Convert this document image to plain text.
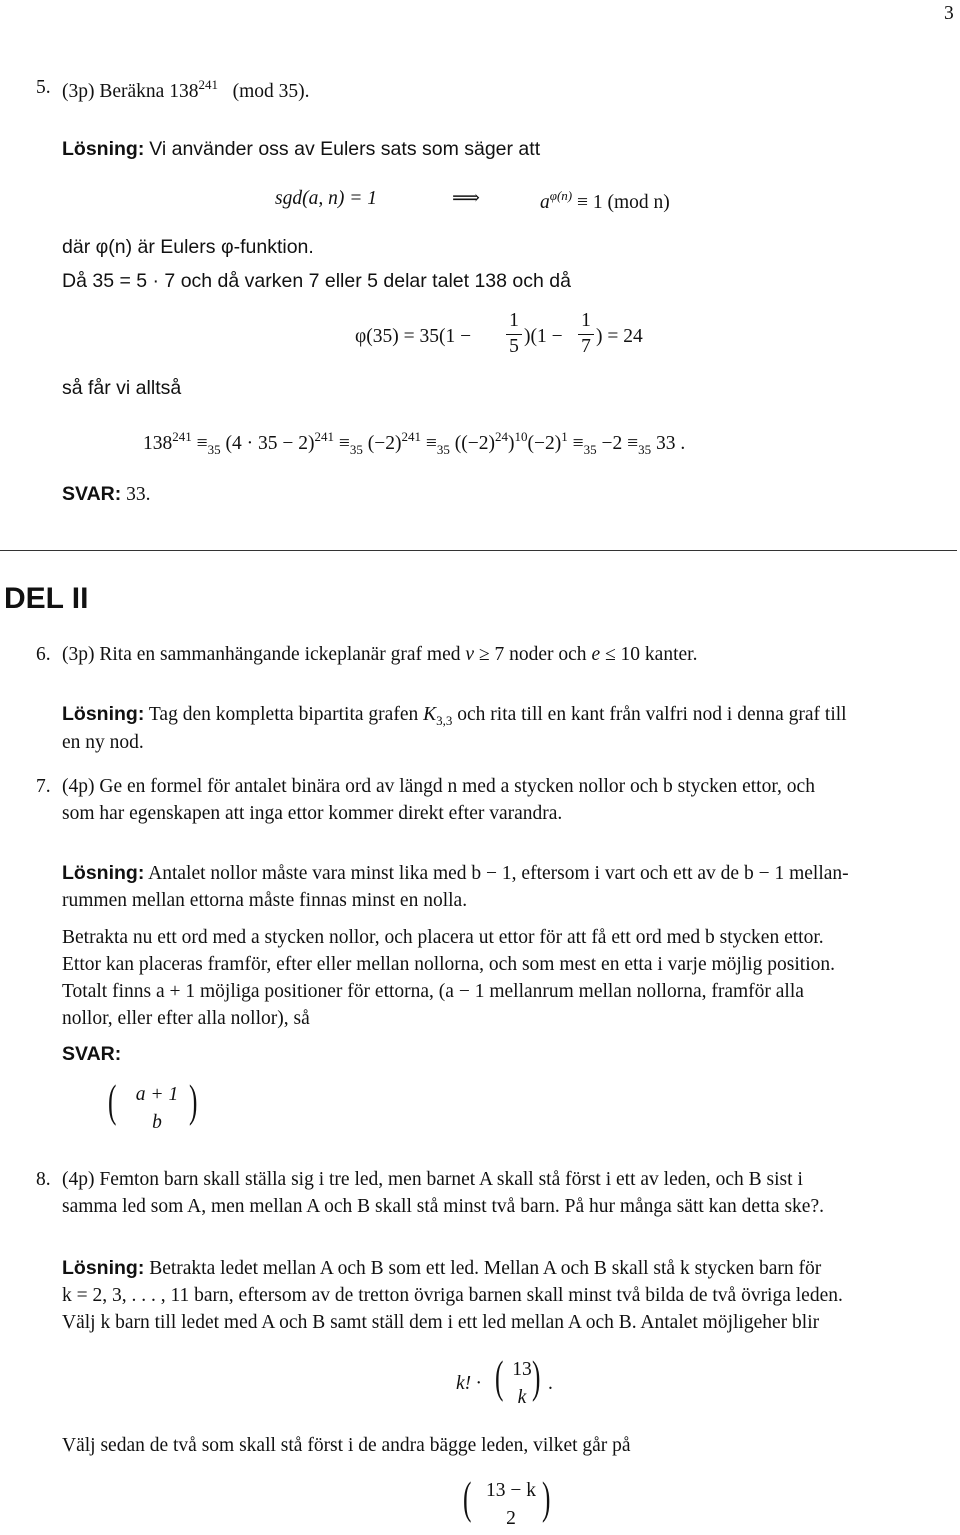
3
5. (3p) Beräkna $138^{241}$ (mod 35).
Lösning: Vi använder oss av Eulers sats som säger att
sgd(a, n) = 1	⟹	$a^{\varphi(n)} \equiv 1$ (mod n)
där φ(n) är Eulers φ-funktion.
Då 35 = 5 · 7 och då varken 7 eller 5 delar talet 138 och då
φ(35) = 35(1 −
1
5 )(1 −
1
7 ) = 24
så får vi alltså
$138^{241} \equiv_{35}$ $(4 \cdot 35 - 2)^{241} \equiv_{35}$ $(-2)^{241} \equiv_{35}$ $((-2)^{24})^{10}(-2)^1 \equiv_{35} -2 \equiv_{35}$ 33 .
SVAR: 33.
DEL II
6. (3p) Rita en sammanhängande ickeplanär graf med v ≥ 7 noder och e ≤ 10 kanter.
Lösning: Tag den kompletta bipartita grafen $K_{3,3}$ och rita till en kant från valfri nod i denna graf till
en ny nod.
7. (4p) Ge en formel för antalet binära ord av längd n med a stycken nollor och b stycken ettor, och
som har egenskapen att inga ettor kommer direkt efter varandra.
Lösning: Antalet nollor måste vara minst lika med b − 1, eftersom i vart och ett av de b − 1 mellan-
rummen mellan ettorna måste finnas minst en nolla.
Betrakta nu ett ord med a stycken nollor, och placera ut ettor för att få ett ord med b stycken ettor.
Ettor kan placeras framför, efter eller mellan nollorna, och som mest en etta i varje möjlig position.
Totalt finns a + 1 möjliga positioner för ettorna, (a − 1 mellanrum mellan nollorna, framför alla
nollor, eller efter alla nollor), så
SVAR:
( a + 1
b )
8. (4p) Femton barn skall ställa sig i tre led, men barnet A skall stå först i ett av leden, och B sist i
samma led som A, men mellan A och B skall stå minst två barn. På hur många sätt kan detta ske?.
Lösning: Betrakta ledet mellan A och B som ett led. Mellan A och B skall stå k stycken barn för
k = 2, 3, . . . , 11 barn, eftersom av de tretton övriga barnen skall minst två bilda de två övriga leden.
Välj k barn till ledet med A och B samt ställ dem i ett led mellan A och B. Antalet möjligeher blir
k! · ( 13
k ) .
Välj sedan de två som skall stå först i de andra bägge leden, vilket går på
( 13 − k
2 )
